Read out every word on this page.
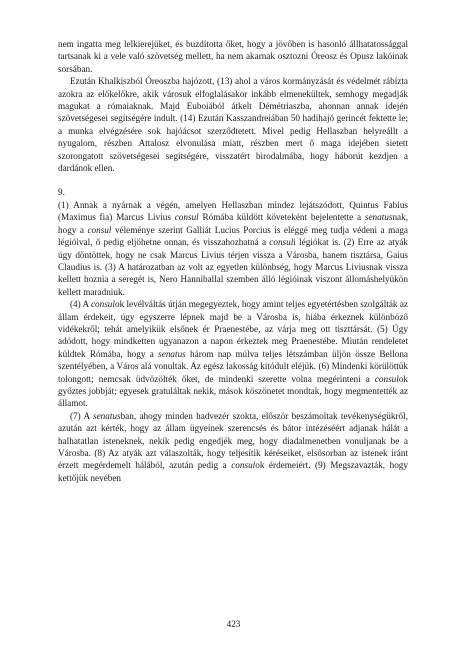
nem ingatta meg lelkierejüket, és buzdította őket, hogy a jövőben is hasonló állhatatossággal tartsanak ki a vele való szövetség mellett, ha nem akarnak osztozni Óreosz és Opusz lakóinak sorsában.

Ezután Khalkiszból Óreoszba hajózott, (13) ahol a város kormányzását és védelmét rábízta azokra az előkelőkre, akik városuk elfoglalásakor inkább elmenekültek, semhogy megadják magukat a rómaiaknak. Majd Euboiából átkelt Démétriaszba, ahonnan annak idején szövetségesei segítségére indult. (14) Ezután Kasszandreiában 50 hadihajó gerincét fektette le; a munka elvégzésére sok hajóácsot szerződtetett. Mivel pedig Hellaszban helyreállt a nyugalom, részben Attalosz elvonulása miatt, részben mert ő maga idejében sietett szorongatott szövetségesei segítségére, visszatért birodalmába, hogy háborút kezdjen a dardánok ellen.

9.

(1) Annak a nyárnak a végén, amelyen Hellaszban mindez lejátszódott, Quintus Fabius (Maximus fia) Marcus Livius consul Rómába küldött követeként bejelentette a senatusnak, hogy a consul véleménye szerint Galliát Lucius Porcius is eléggé meg tudja védeni a maga légióival, ő pedig eljöhetne onnan, és visszahozhatná a consuli légiókat is. (2) Erre az atyák úgy döntöttek, hogy ne csak Marcus Livius térjen vissza a Városba, hanem tisztársa, Gaius Claudius is. (3) A határozatban az volt az egyetlen különbség, hogy Marcus Liviusnak vissza kellett hoznia a seregét is, Nero Hanniballal szemben álló légióinak viszont állomáshelyükön kellett maradniuk.

(4) A consulok levélváltás útján megegyeztek, hogy amint teljes egyetértésben szolgálták az állam érdekeit, úgy egyszerre lépnek majd be a Városba is, hiába érkeznek különböző vidékekről; tehát amelyikük elsőnek ér Praenestébe, az várja meg ott tiszttársát. (5) Úgy adódott, hogy mindketten ugyanazon a napon érkeztek meg Praenestébe. Miután rendeletet küldtek Rómába, hogy a senatus három nap múlva teljes létszámban üljön össze Bellona szentélyében, a Város alá vonultak. Az egész lakosság kitódult eléjük. (6) Mindenki körülöttük tolongott; nemcsak üdvözölték őket, de mindenki szerette volna megérinteni a consulok győztes jobbját; egyesek gratuláltak nekik, mások köszönetet mondtak, hogy megmentették az államot.

(7) A senatusban, ahogy minden hadvezér szokta, először beszámoltak tevékenységükről, azután azt kérték, hogy az állam ügyeinek szerencsés és bátor intézéséért adjanak hálát a halhatatlan isteneknek, nekik pedig engedjék meg, hogy diadalmenetben vonuljanak be a Városba. (8) Az atyák azt válaszolták, hogy teljesítik kéréseiket, elsősorban az istenek iránt érzett megérdemelt hálából, azután pedig a consulok érdemeiért. (9) Megszavazták, hogy kettőjük nevében

423
